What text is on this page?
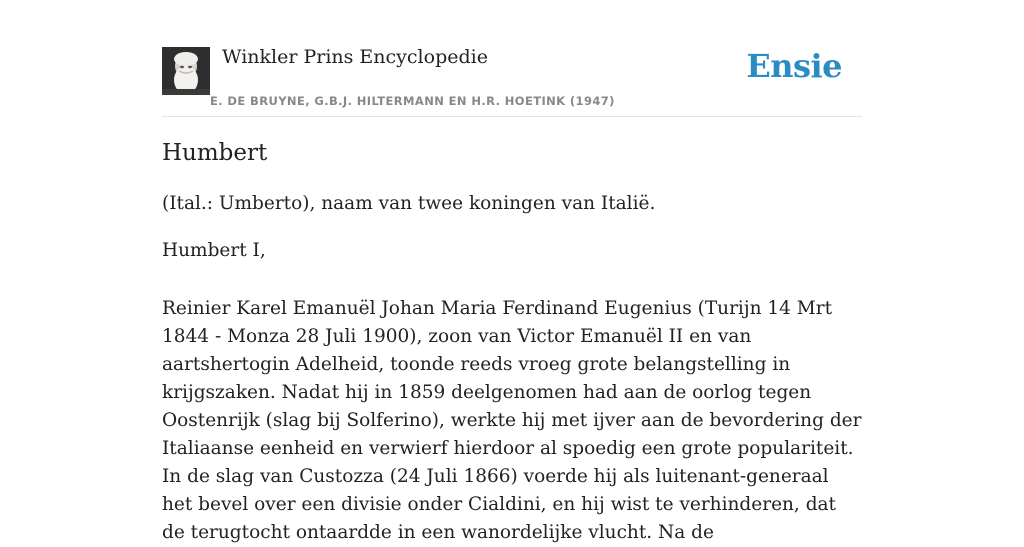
Winkler Prins Encyclopedie
E. DE BRUYNE, G.B.J. HILTERMANN EN H.R. HOETINK (1947)
Ensie
Humbert

(Ital.: Umberto), naam van twee koningen van Italië.

Humbert I,

Reinier Karel Emanuël Johan Maria Ferdinand Eugenius (Turijn 14 Mrt 1844 - Monza 28 Juli 1900), zoon van Victor Emanuël II en van aartshertogin Adelheid, toonde reeds vroeg grote belangstelling in krijgszaken. Nadat hij in 1859 deelgenomen had aan de oorlog tegen Oostenrijk (slag bij Solferino), werkte hij met ijver aan de bevordering der Italiaanse eenheid en verwierf hierdoor al spoedig een grote populariteit. In de slag van Custozza (24 Juli 1866) voerde hij als luitenant-generaal het bevel over een divisie onder Cialdini, en hij wist te verhinderen, dat de terugtocht ontaardde in een wanordelijke vlucht. Na de
